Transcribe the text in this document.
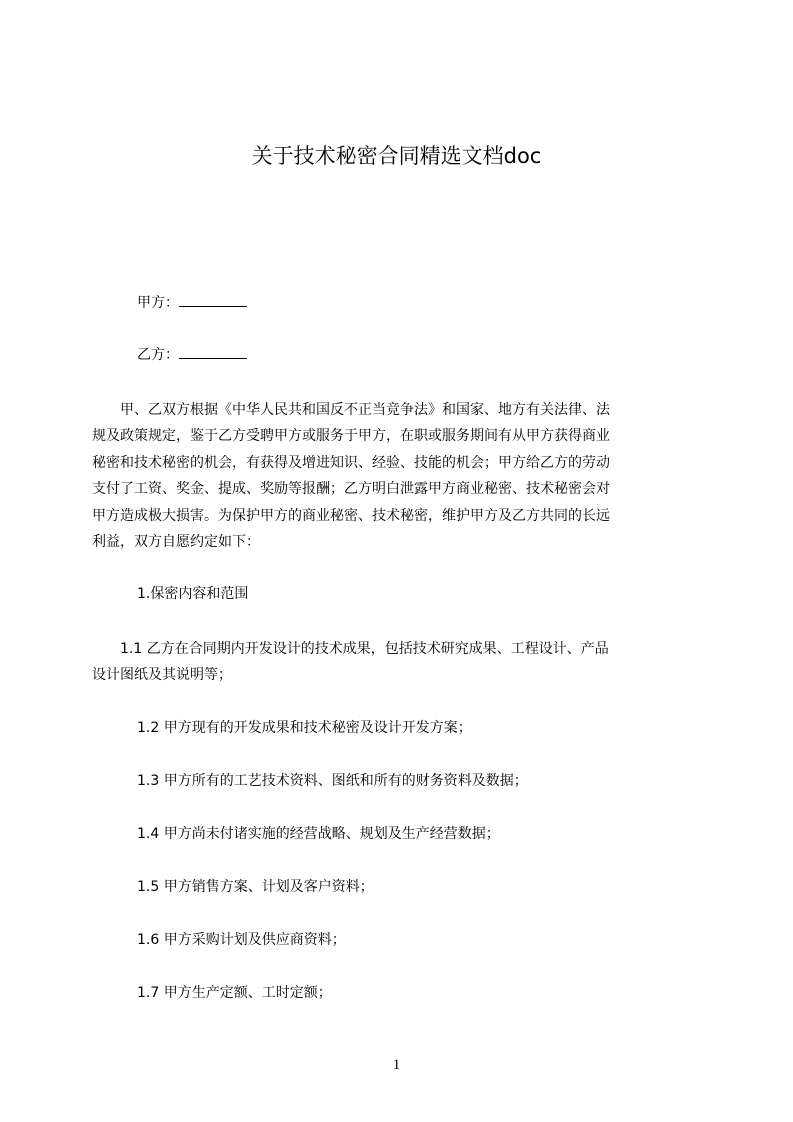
关于技术秘密合同精选文档doc
甲方：
乙方：
　　甲、乙双方根据《中华人民共和国反不正当竞争法》和国家、地方有关法律、法
规及政策规定，鉴于乙方受聘甲方或服务于甲方，在职或服务期间有从甲方获得商业
秘密和技术秘密的机会，有获得及增进知识、经验、技能的机会；甲方给乙方的劳动
支付了工资、奖金、提成、奖励等报酬；乙方明白泄露甲方商业秘密、技术秘密会对
甲方造成极大损害。为保护甲方的商业秘密、技术秘密，维护甲方及乙方共同的长远
利益，双方自愿约定如下：
1.保密内容和范围
　　1.1 乙方在合同期内开发设计的技术成果，包括技术研究成果、工程设计、产品
设计图纸及其说明等；
1.2 甲方现有的开发成果和技术秘密及设计开发方案；
1.3 甲方所有的工艺技术资料、图纸和所有的财务资料及数据；
1.4 甲方尚未付诸实施的经营战略、规划及生产经营数据；
1.5 甲方销售方案、计划及客户资料；
1.6 甲方采购计划及供应商资料；
1.7 甲方生产定额、工时定额；
1
